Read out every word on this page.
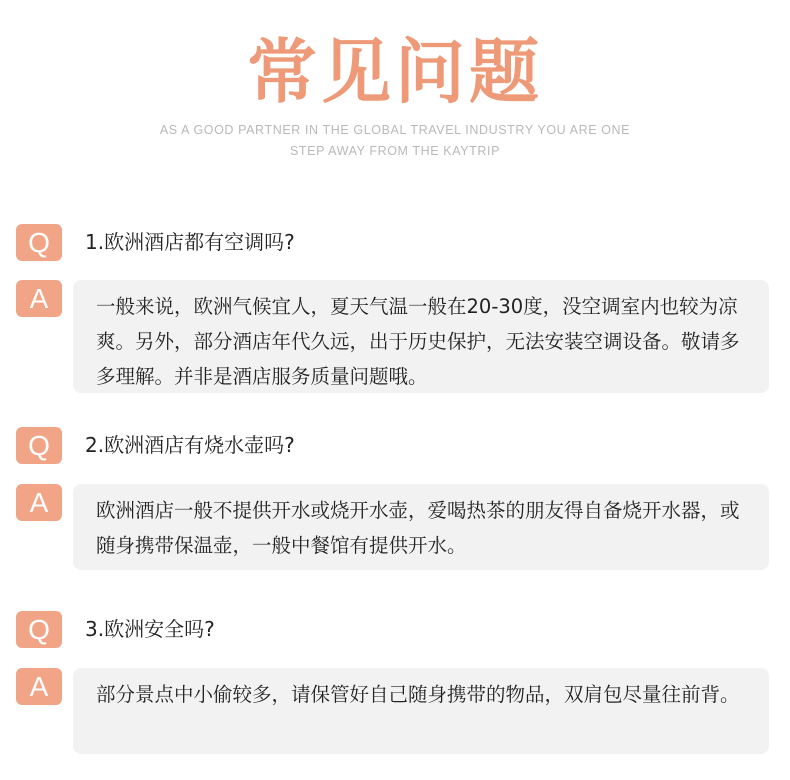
常见问题
AS A GOOD PARTNER IN THE GLOBAL TRAVEL INDUSTRY YOU ARE ONE
STEP AWAY FROM THE KAYTRIP
Q	1.欧洲酒店都有空调吗?
A	一般来说，欧洲气候宜人，夏天气温一般在20-30度，没空调室内也较为凉爽。另外，部分酒店年代久远，出于历史保护，无法安装空调设备。敬请多多理解。并非是酒店服务质量问题哦。
Q	2.欧洲酒店有烧水壶吗?
A	欧洲酒店一般不提供开水或烧开水壶，爱喝热茶的朋友得自备烧开水器，或随身携带保温壶，一般中餐馆有提供开水。
Q	3.欧洲安全吗?
A	部分景点中小偷较多，请保管好自己随身携带的物品，双肩包尽量往前背。
